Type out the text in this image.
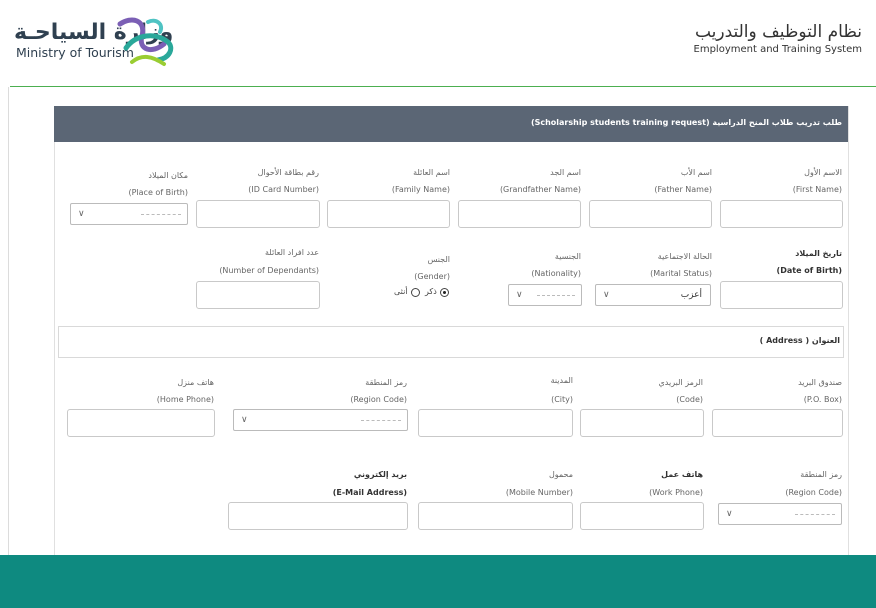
وزارة السياحـة
Ministry of Tourism
نظام التوظيف والتدريب
Employment and Training System
طلب تدريب طلاب المنح الدراسية (Scholarship students training request)
الاسم الأول
(First Name)
اسم الأب
(Father Name)
اسم الجد
(Grandfather Name)
اسم العائلة
(Family Name)
رقم بطاقة الأحوال
(ID Card Number)
مكان الميلاد
(Place of Birth)
∨
تاريخ الميلاد
(Date of Birth)
الحالة الاجتماعية
(Marital Status)
الجنسية
(Nationality)
الجنس
(Gender)
عدد افراد العائلة
(Number of Dependants)
∨	أعزب
∨
ذكر
أنثى
العنوان ( Address )
صندوق البريد
(P.O. Box)
الرمز البريدي
(Code)
المدينة
(City)
رمز المنطقة
(Region Code)
هاتف منزل
(Home Phone)
∨
رمز المنطقة
(Region Code)
هاتف عمل
(Work Phone)
محمول
(Mobile Number)
بريد إلكتروني
(E-Mail Address)
∨
